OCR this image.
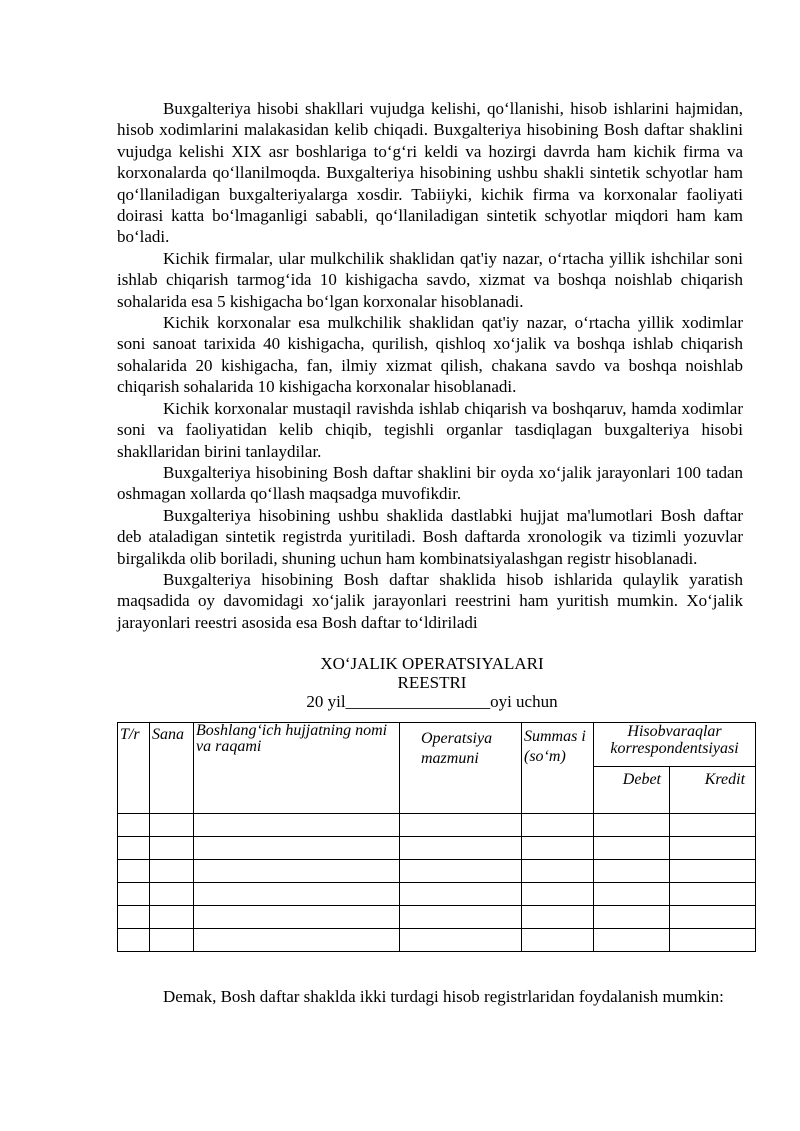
Buxgalteriya hisobi shakllari vujudga kelishi, qo‘llanishi, hisob ishlarini hajmidan, hisob xodimlarini malakasidan kelib chiqadi. Buxgalteriya hisobining Bosh daftar shaklini vujudga kelishi XIX asr boshlariga to‘g‘ri keldi va hozirgi davrda ham kichik firma va korxonalarda qo‘llanilmoqda. Buxgalteriya hisobining ushbu shakli sintetik schyotlar ham qo‘llaniladigan buxgalteriyalarga xosdir. Tabiiyki, kichik firma va korxonalar faoliyati doirasi katta bo‘lmaganligi sababli, qo‘llaniladigan sintetik schyotlar miqdori ham kam bo‘ladi.

Kichik firmalar, ular mulkchilik shaklidan qat'iy nazar, o‘rtacha yillik ishchilar soni ishlab chiqarish tarmog‘ida 10 kishigacha savdo, xizmat va boshqa noishlab chiqarish sohalarida esa 5 kishigacha bo‘lgan korxonalar hisoblanadi.

Kichik korxonalar esa mulkchilik shaklidan qat'iy nazar, o‘rtacha yillik xodimlar soni sanoat tarixida 40 kishigacha, qurilish, qishloq xo‘jalik va boshqa ishlab chiqarish sohalarida 20 kishigacha, fan, ilmiy xizmat qilish, chakana savdo va boshqa noishlab chiqarish sohalarida 10 kishigacha korxonalar hisoblanadi.

Kichik korxonalar mustaqil ravishda ishlab chiqarish va boshqaruv, hamda xodimlar soni va faoliyatidan kelib chiqib, tegishli organlar tasdiqlagan buxgalteriya hisobi shakllaridan birini tanlaydilar.

Buxgalteriya hisobining Bosh daftar shaklini bir oyda xo‘jalik jarayonlari 100 tadan oshmagan xollarda qo‘llash maqsadga muvofikdir.

Buxgalteriya hisobining ushbu shaklida dastlabki hujjat ma'lumotlari Bosh daftar deb ataladigan sintetik registrda yuritiladi. Bosh daftarda xronologik va tizimli yozuvlar birgalikda olib boriladi, shuning uchun ham kombinatsiyalashgan registr hisoblanadi.

Buxgalteriya hisobining Bosh daftar shaklida hisob ishlarida qulaylik yaratish maqsadida oy davomidagi xo‘jalik jarayonlari reestrini ham yuritish mumkin. Xo‘jalik jarayonlari reestri asosida esa Bosh daftar to‘ldiriladi

XO‘JALIK OPERATSIYALARI
REESTRI
20 yil_________________oyi uchun
T/r	Sana	Boshlang‘ich hujjatning nomi va raqami	Operatsiya mazmuni	Summas i (so‘m)	Hisobvaraqlar korrespondentsiyasi	
					Debet	Kredit

Demak, Bosh daftar shaklda ikki turdagi hisob registrlaridan foydalanish mumkin:
